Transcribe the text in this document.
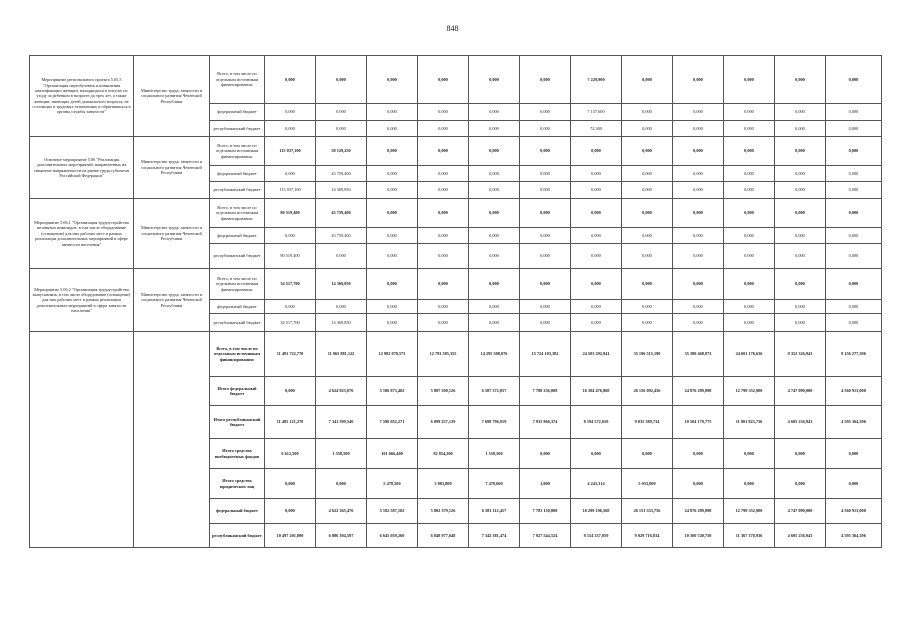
848
Мероприятие регионального проекта 5.05.5 "Организация переобучения и повышения квалификации женщин, находящихся в отпуске по уходу за ребенком в возрасте до трех лет, а также женщин, имеющих детей дошкольного возраста, не состоящих в трудовых отношениях и обратившихся в органы службы занятости"	Министерство труда, занятости и социального развития Чеченской Республики	Всего, в том числе по отдельным источникам финансирования:	0,000	0,000	0,000	0,000	0,000	0,000	7 229,900	0,000	0,000	0,000	0,000	0,000
		федеральный бюджет	0,000	0,000	0,000	0,000	0,000	0,000	7 157,600	0,000	0,000	0,000	0,000	0,000
		республиканский бюджет	0,000	0,000	0,000	0,000	0,000	0,000	72,300	0,000	0,000	0,000	0,000	0,000
Основное мероприятие 5.06 "Реализация дополнительных мероприятий, направленных на снижение напряженности на рынке труда субъектов Российской Федерации"	Министерство труда, занятости и социального развития Чеченской Республики	Всего, в том числе по отдельным источникам финансирования:	115 037,100	58 129,250	0,000	0,000	0,000	0,000	0,000	0,000	0,000	0,000	0,000	0,000
		федеральный бюджет	0,000	43 759,400	0,000	0,000	0,000	0,000	0,000	0,000	0,000	0,000	0,000	0,000
		республиканский бюджет	115 037,100	14 369,850	0,000	0,000	0,000	0,000	0,000	0,000	0,000	0,000	0,000	0,000
Мероприятие 5.06.1 "Организация трудоустройства незанятых инвалидов, в том числе оборудование (оснащение) для них рабочих мест в рамках реализации дополнительных мероприятий в сфере занятости населения"	Министерство труда, занятости и социального развития Чеченской Республики	Всего, в том числе по отдельным источникам финансирования:	80 519,400	43 759,400	0,000	0,000	0,000	0,000	0,000	0,000	0,000	0,000	0,000	0,000
		федеральный бюджет	0,000	43 759,400	0,000	0,000	0,000	0,000	0,000	0,000	0,000	0,000	0,000	0,000
		республиканский бюджет	80 519,400	0,000	0,000	0,000	0,000	0,000	0,000	0,000	0,000	0,000	0,000	0,000
Мероприятие 5.06.2 "Организация трудоустройства выпускников, в том числе оборудование (оснащение) для них рабочих мест в рамках реализации дополнительных мероприятий в сфере занятости населения"	Министерство труда, занятости и социального развития Чеченской Республики	Всего, в том числе по отдельным источникам финансирования:	34 517,700	14 369,850	0,000	0,000	0,000	0,000	0,000	0,000	0,000	0,000	0,000	0,000
		федеральный бюджет	0,000	0,000	0,000	0,000	0,000	0,000	0,000	0,000	0,000	0,000	0,000	0,000
		республиканский бюджет	34 517,700	14 369,850	0,000	0,000	0,000	0,000	0,000	0,000	0,000	0,000	0,000	0,000
		Всего, в том числе по отдельным источникам финансирования:	11 491 722,770	11 965 881,122	12 982 070,573	12 793 585,355	14 295 508,076	15 724 103,382	24 503 292,841	35 196 515,190	35 380 468,873	24 601 176,636	9 352 326,943	9 156 277,396
		Итого федеральный бюджет	0,000	4 624 923,076	5 186 873,402	5 807 590,126	6 587 372,057	7 788 236,008	16 304 476,868	26 156 092,456	24 876 289,098	12 799 352,900	4 747 090,000	4 560 913,000
		Итого республиканский бюджет	11 485 121,270	7 341 599,546	7 596 052,271	6 899 257,129	7 698 796,919	7 935 866,374	8 194 572,659	9 035 389,734	10 504 179,775	11 801 823,736	4 605 236,943	4 595 364,396
		Итого средства внебюджетных фондов	6 612,500	1 558,500	101 666,400	82 854,200	1 558,500	0,000	0,000	0,000	0,000	0,000	0,000	0,000
		Итого средства юридических лиц	0,000	0,000	5 478,500	3 883,800	7 470,600	1,000	4 243,314	5 033,000	0,000	0,000	0,000	0,000
		федеральный бюджет	0,000	4 622 365,476	5 182 587,102	5 802 379,126	6 583 112,457	7 783 150,808	16 299 196,568	26 151 333,756	24 876 289,098	12 799 352,900	4 747 090,000	4 560 913,000
		республиканский бюджет	10 497 201,800	6 086 394,597	6 645 059,260	6 848 977,648	7 342 381,474	7 927 544,524	8 154 337,059	9 029 716,834	10 360 740,750	11 367 378,936	4 605 236,943	4 595 364,396
